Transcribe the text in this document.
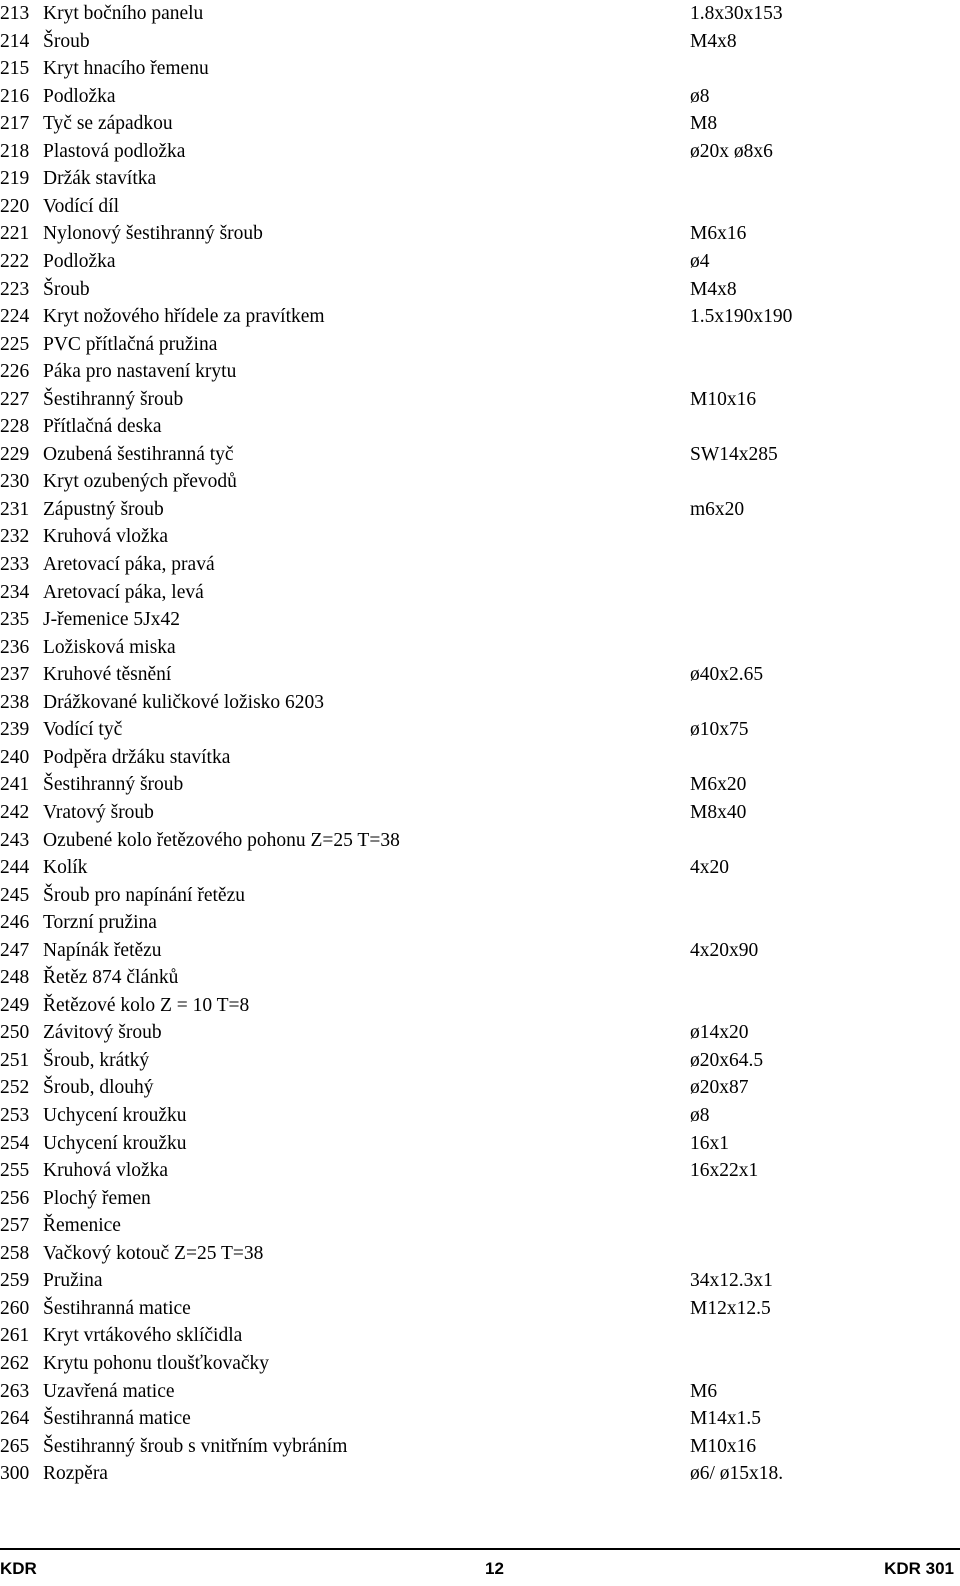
213 Kryt bočního panelu	1.8x30x153
214 Šroub	M4x8
215 Kryt hnacího řemenu
216 Podložka	ø8
217 Tyč se západkou	M8
218 Plastová podložka	ø20x ø8x6
219 Držák stavítka
220 Vodící díl
221 Nylonový šestihranný šroub	M6x16
222 Podložka	ø4
223 Šroub	M4x8
224 Kryt nožového hřídele za pravítkem	1.5x190x190
225 PVC přítlačná pružina
226 Páka pro nastavení krytu
227 Šestihranný šroub	M10x16
228 Přítlačná deska
229 Ozubená šestihranná tyč	SW14x285
230 Kryt ozubených převodů
231 Zápustný šroub	m6x20
232 Kruhová vložka
233 Aretovací páka, pravá
234 Aretovací páka, levá
235 J-řemenice 5Jx42
236 Ložisková miska
237 Kruhové těsnění	ø40x2.65
238 Drážkované kuličkové ložisko 6203
239 Vodící tyč	ø10x75
240 Podpěra držáku stavítka
241 Šestihranný šroub	M6x20
242 Vratový šroub	M8x40
243 Ozubené kolo řetězového pohonu Z=25 T=38
244 Kolík	4x20
245 Šroub pro napínání řetězu
246 Torzní pružina
247 Napínák řetězu	4x20x90
248 Řetěz 874 článků
249 Řetězové kolo Z = 10 T=8
250 Závitový šroub	ø14x20
251 Šroub, krátký	ø20x64.5
252 Šroub, dlouhý	ø20x87
253 Uchycení kroužku	ø8
254 Uchycení kroužku	16x1
255 Kruhová vložka	16x22x1
256 Plochý řemen
257 Řemenice
258 Vačkový kotouč Z=25 T=38
259 Pružina	34x12.3x1
260 Šestihranná matice	M12x12.5
261 Kryt vrtákového sklíčidla
262 Krytu pohonu tloušťkovačky
263 Uzavřená matice	M6
264 Šestihranná matice	M14x1.5
265 Šestihranný šroub s vnitřním vybráním	M10x16
300 Rozpěra	ø6/ ø15x18.
KDR	12	KDR 301
